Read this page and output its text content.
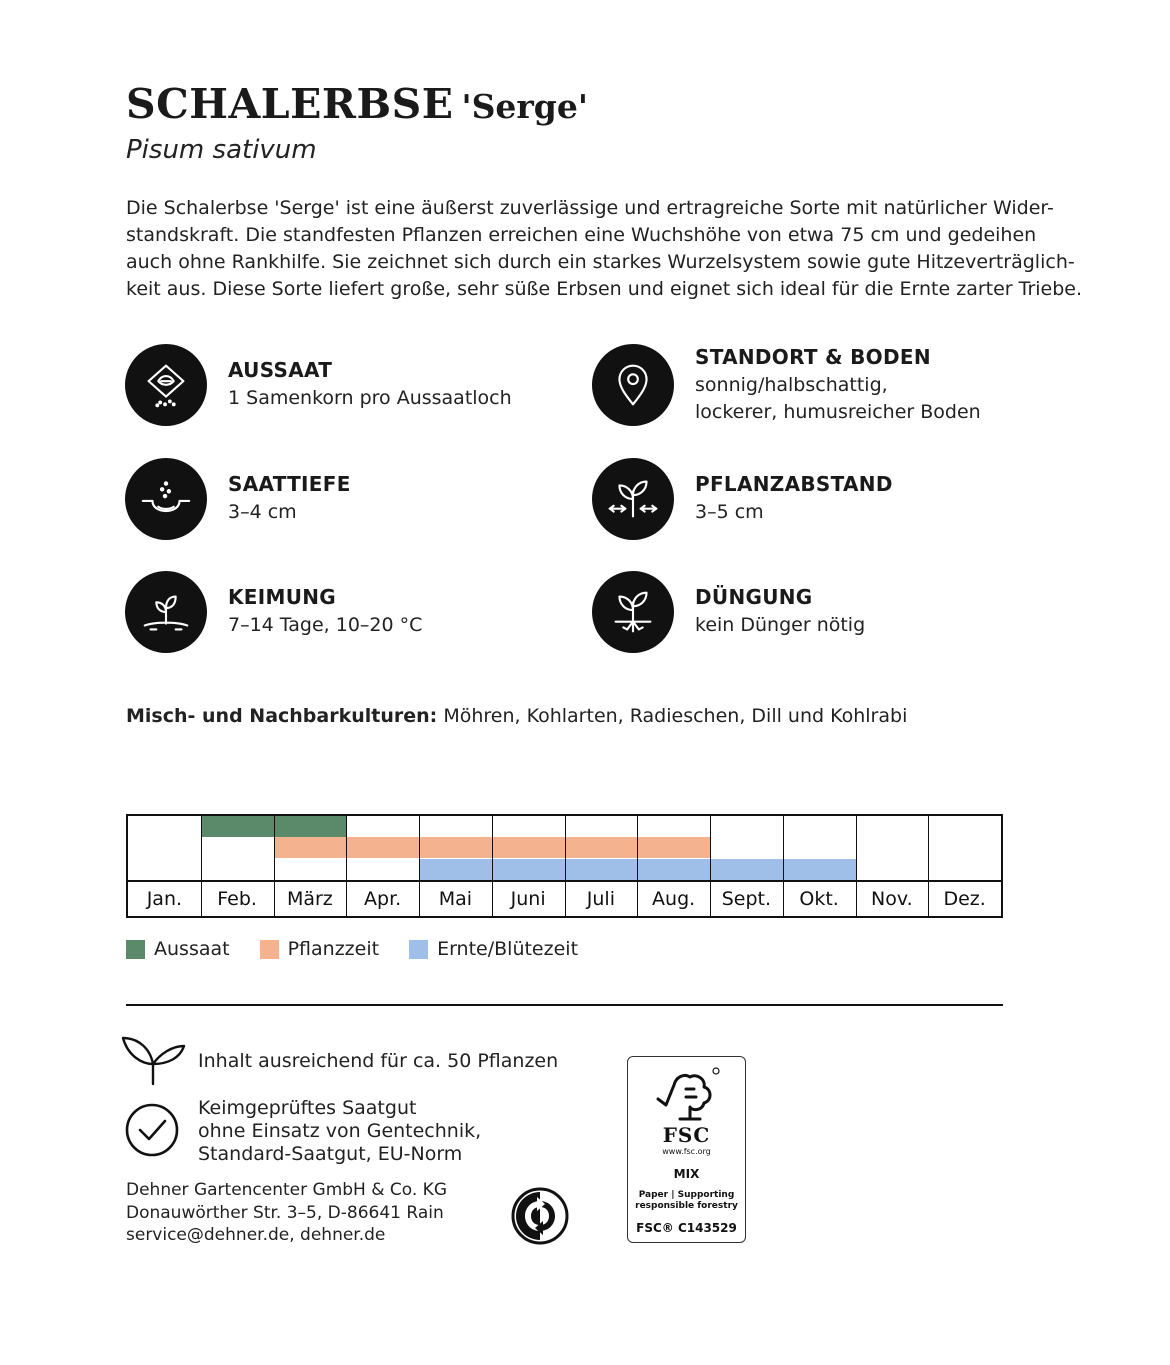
SCHALERBSE 'Serge'
Pisum sativum
Die Schalerbse 'Serge' ist eine äußerst zuverlässige und ertragreiche Sorte mit natürlicher Wider-
standskraft. Die standfesten Pflanzen erreichen eine Wuchshöhe von etwa 75 cm und gedeihen
auch ohne Rankhilfe. Sie zeichnet sich durch ein starkes Wurzelsystem sowie gute Hitzeverträglich-
keit aus. Diese Sorte liefert große, sehr süße Erbsen und eignet sich ideal für die Ernte zarter Triebe.
AUSSAAT
1 Samenkorn pro Aussaatloch
STANDORT & BODEN
sonnig/halbschattig,
lockerer, humusreicher Boden
SAATTIEFE
3–4 cm
PFLANZABSTAND
3–5 cm
KEIMUNG
7–14 Tage, 10–20 °C
DÜNGUNG
kein Dünger nötig
Misch- und Nachbarkulturen: Möhren, Kohlarten, Radieschen, Dill und Kohlrabi
Jan.	Feb.	März	Apr.	Mai	Juni	Juli	Aug.	Sept.	Okt.	Nov.	Dez.
Aussaat	Pflanzzeit	Ernte/Blütezeit
Inhalt ausreichend für ca. 50 Pflanzen
Keimgeprüftes Saatgut
ohne Einsatz von Gentechnik,
Standard-Saatgut, EU-Norm
Dehner Gartencenter GmbH & Co. KG
Donauwörther Str. 3–5, D-86641 Rain
service@dehner.de, dehner.de
FSC
www.fsc.org
MIX
Paper | Supporting
responsible forestry
FSC® C143529
